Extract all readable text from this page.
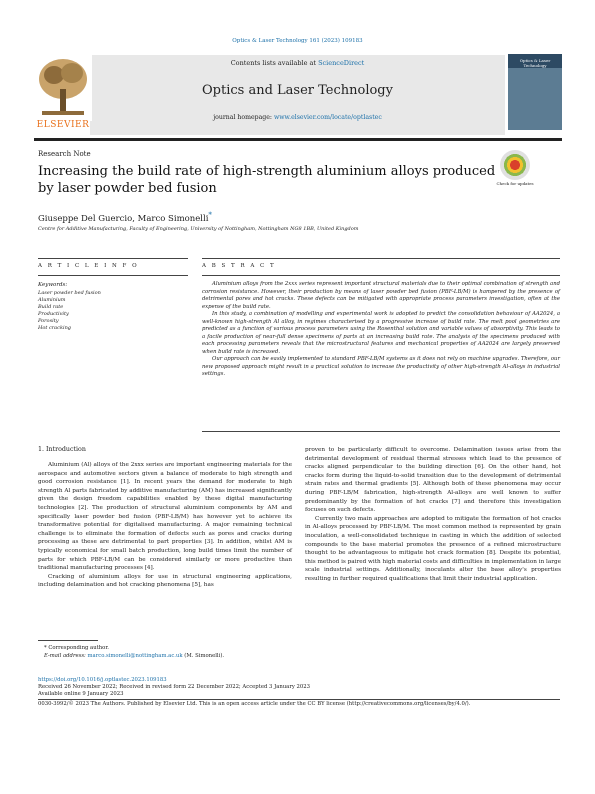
Optics & Laser Technology 161 (2023) 109183
ELSEVIER
Contents lists available at ScienceDirect
Optics and Laser Technology
journal homepage: www.elsevier.com/locate/optlastec
Optics & Laser Technology
Research Note
Increasing the build rate of high-strength aluminium alloys produced by laser powder bed fusion	Check for updates
Giuseppe Del Guercio, Marco Simonelli*
Centre for Additive Manufacturing, Faculty of Engineering, University of Nottingham, Nottingham NG8 1BB, United Kingdom
A R T I C L E I N F O	A B S T R A C T
Keywords:
Laser powder bed fusion
Aluminium
Build rate
Productivity
Porosity
Hot cracking

Aluminium alloys from the 2xxx series represent important structural materials due to their optimal combination of strength and corrosion resistance. However, their production by means of laser powder bed fusion (PBF-LB/M) is hampered by the presence of detrimental pores and hot cracks. These defects can be mitigated with appropriate process parameters investigation, often at the expense of the build rate.

In this study, a combination of modelling and experimental work is adopted to predict the consolidation behaviour of AA2024, a well-known high-strength Al alloy, in regimes characterised by a progressive increase of build rate. The melt pool geometries are predicted as a function of various process parameters using the Rosenthal solution and variable values of absorptivity. This leads to a facile production of near-full dense specimens of parts at an increasing build rate. The analysis of the specimens produced with each processing parameters reveals that the microstructural features and mechanical properties of AA2024 are largely preserved when build rate is increased.

Our approach can be easily implemented to standard PBF-LB/M systems as it does not rely on machine upgrades. Therefore, our new proposed approach might result in a practical solution to increase the productivity of other high-strength Al-alloys in industrial settings.

1. Introduction

Aluminium (Al) alloys of the 2xxx series are important engineering materials for the aerospace and automotive sectors given a balance of moderate to high strength and good corrosion resistance [1]. In recent years the demand for moderate to high strength Al parts fabricated by additive manufacturing (AM) has increased significantly given the design freedom capabilities enabled by these digital manufacturing technologies [2]. The production of structural aluminium components by AM and specifically laser powder bed fusion (PBF-LB/M) has however yet to achieve its transformative potential for digitalised manufacturing. A major remaining technical challenge is to eliminate the formation of defects such as pores and cracks during processing as these are detrimental to part properties [3]. In addition, whilst AM is typically economical for small batch production, long build times limit the number of parts for which PBF-LB/M can be considered similarly or more productive than traditional manufacturing processes [4].

Cracking of aluminium alloys for use in structural engineering applications, including delamination and hot cracking phenomena [5], has

proven to be particularly difficult to overcome. Delamination issues arise from the detrimental development of residual thermal stresses which lead to the presence of cracks aligned perpendicular to the building direction [6]. On the other hand, hot cracks form during the liquid-to-solid transition due to the development of detrimental strain rates and thermal gradients [5]. Although both of these phenomena may occur during PBF-LB/M fabrication, high-strength Al-alloys are well known to suffer predominantly by the formation of hot cracks [7] and therefore this investigation focuses on such defects.

Currently two main approaches are adopted to mitigate the formation of hot cracks in Al-alloys processed by PBF-LB/M. The most common method is represented by grain inoculation, a well-consolidated technique in casting in which the addition of selected compounds to the base material promotes the presence of a refined microstructure thought to be advantageous to mitigate hot crack formation [8]. Despite its potential, this method is paired with high material costs and difficulties in implementation in large scale industrial settings. Additionally, inoculants alter the base alloy's properties resulting in further required qualifications that limit their industrial application.

* Corresponding author.
E-mail address: marco.simonelli@nottingham.ac.uk (M. Simonelli).
https://doi.org/10.1016/j.optlastec.2023.109183
Received 26 November 2022; Received in revised form 22 December 2022; Accepted 3 January 2023
Available online 9 January 2023
0030-3992/© 2023 The Authors. Published by Elsevier Ltd. This is an open access article under the CC BY license (http://creativecommons.org/licenses/by/4.0/).
